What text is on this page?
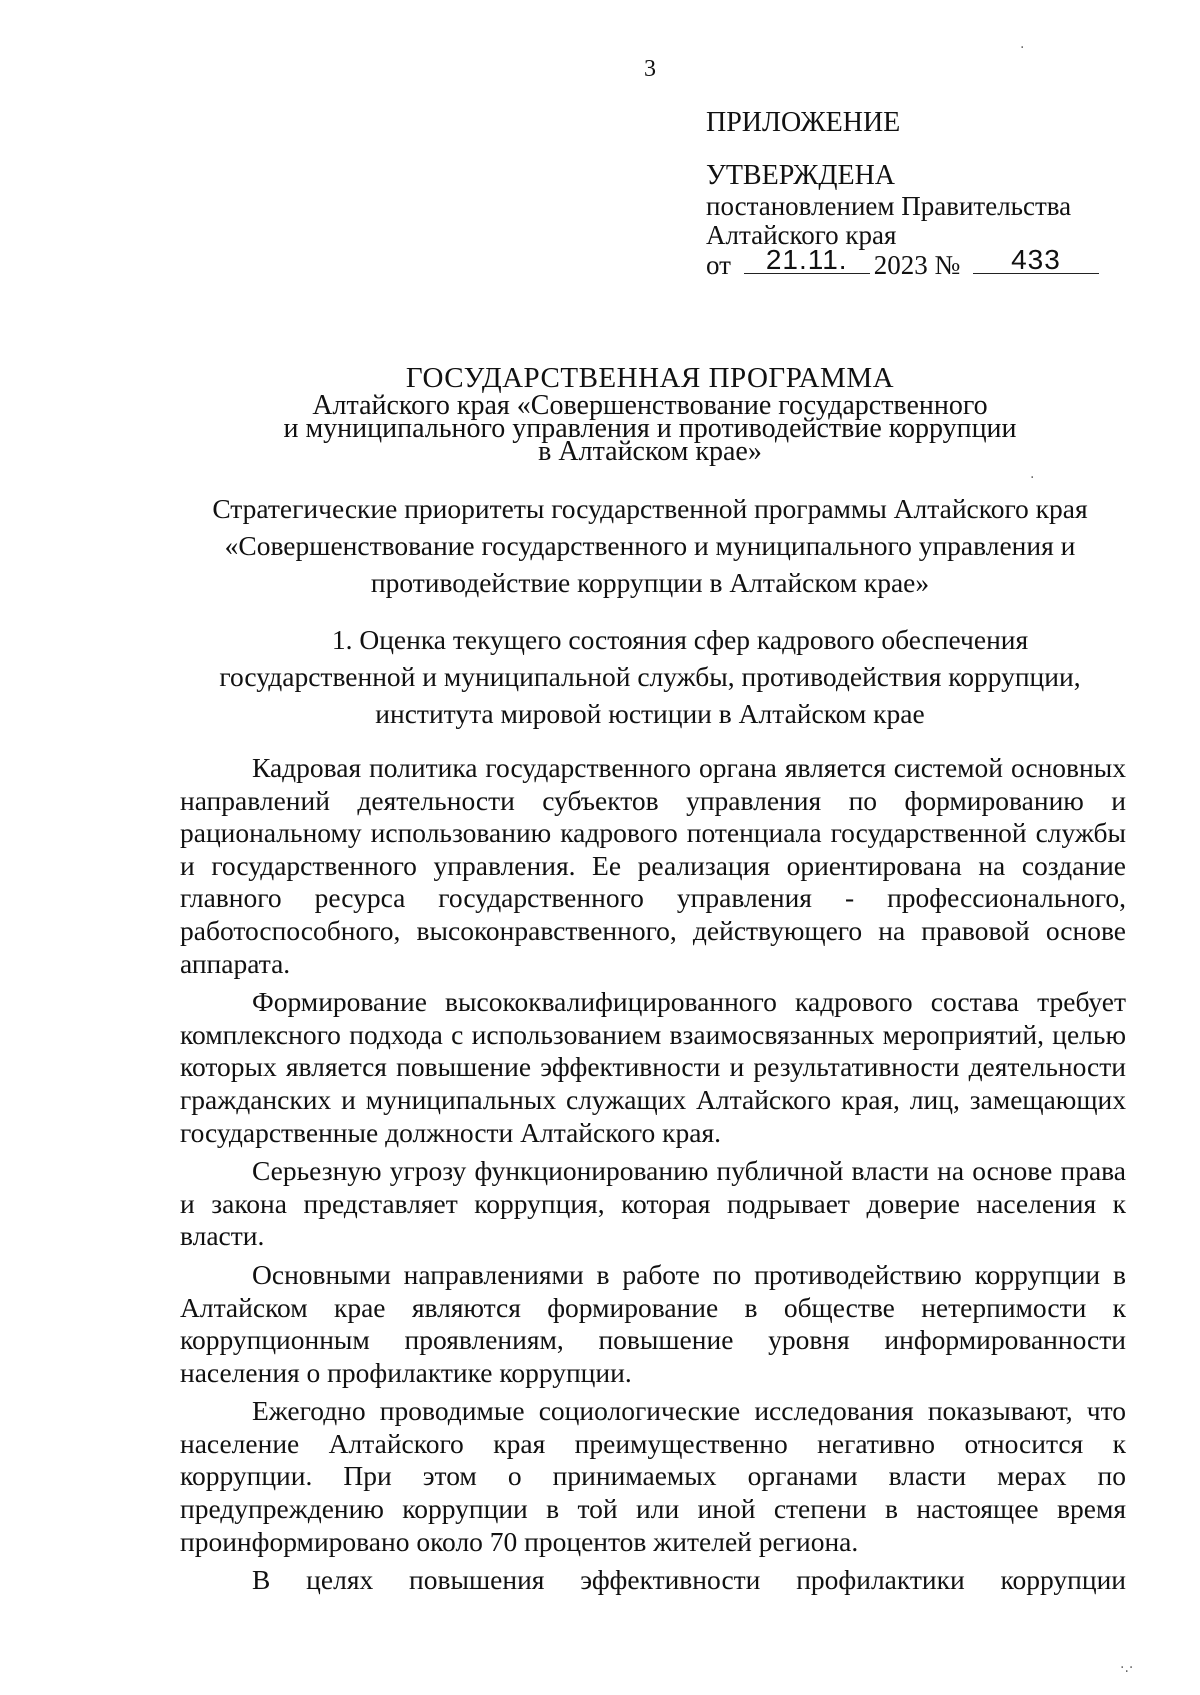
3
ПРИЛОЖЕНИЕ
УТВЕРЖДЕНА
постановлением Правительства
Алтайского края
от	21.11. 2023 №	433
ГОСУДАРСТВЕННАЯ ПРОГРАММА
Алтайского края «Совершенствование государственного
и муниципального управления и противодействие коррупции
в Алтайском крае»
Стратегические приоритеты государственной программы Алтайского края
«Совершенствование государственного и муниципального управления и
противодействие коррупции в Алтайском крае»
1. Оценка текущего состояния сфер кадрового обеспечения
государственной и муниципальной службы, противодействия коррупции,
института мировой юстиции в Алтайском крае

Кадровая политика государственного органа является системой основных направлений деятельности субъектов управления по формированию и рациональному использованию кадрового потенциала государственной службы и государственного управления. Ее реализация ориентирована на создание главного ресурса государственного управления - профессионального, работоспособного, высоконравственного, действующего на правовой основе аппарата.

Формирование высококвалифицированного кадрового состава требует комплексного подхода с использованием взаимосвязанных мероприятий, целью которых является повышение эффективности и результативности деятельности гражданских и муниципальных служащих Алтайского края, лиц, замещающих государственные должности Алтайского края.

Серьезную угрозу функционированию публичной власти на основе права и закона представляет коррупция, которая подрывает доверие населения к власти.

Основными направлениями в работе по противодействию коррупции в Алтайском крае являются формирование в обществе нетерпимости к коррупционным проявлениям, повышение уровня информированности населения о профилактике коррупции.

Ежегодно проводимые социологические исследования показывают, что население Алтайского края преимущественно негативно относится к коррупции. При этом о принимаемых органами власти мерах по предупреждению коррупции в той или иной степени в настоящее время проинформировано около 70 процентов жителей региона.

В целях повышения эффективности профилактики коррупции

·
·
·.·
